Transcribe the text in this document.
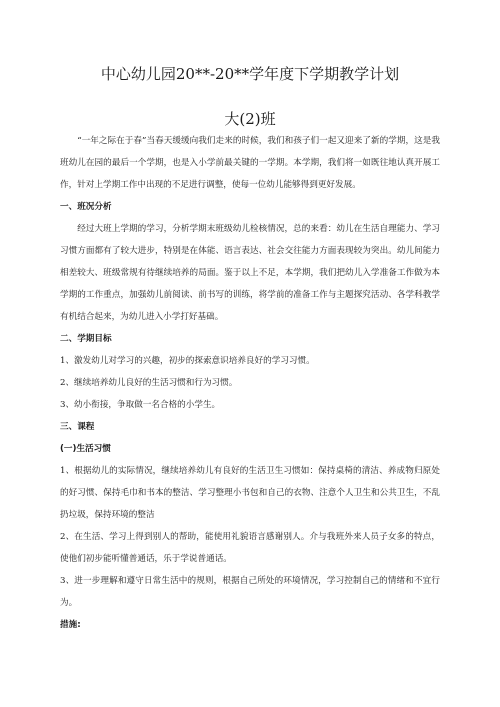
中心幼儿园20**-20**学年度下学期教学计划
大(2)班

“一年之际在于春”当春天缓缓向我们走来的时候，我们和孩子们一起又迎来了新的学期，这是我班幼儿在园的最后一个学期，也是入小学前最关键的一学期。本学期，我们将一如既往地认真开展工作，针对上学期工作中出现的不足进行调整，使每一位幼儿能够得到更好发展。

一、班况分析

经过大班上学期的学习，分析学期末班级幼儿检核情况，总的来看：幼儿在生活自理能力、学习习惯方面都有了较大进步，特别是在体能、语言表达、社会交往能力方面表现较为突出。幼儿间能力相差较大、班级常规有待继续培养的局面。鉴于以上不足，本学期，我们把幼儿入学准备工作做为本学期的工作重点，加强幼儿前阅读、前书写的训练，将学前的准备工作与主题探究活动、各学科教学有机结合起来，为幼儿进入小学打好基础。

二、学期目标

1、激发幼儿对学习的兴趣，初步的探索意识培养良好的学习习惯。

2、继续培养幼儿良好的生活习惯和行为习惯。

3、幼小衔接，争取做一名合格的小学生。

三、课程

(一)生活习惯

1、根据幼儿的实际情况，继续培养幼儿有良好的生活卫生习惯如：保持桌椅的清洁、养成物归原处的好习惯、保持毛巾和书本的整洁、学习整理小书包和自己的衣物、注意个人卫生和公共卫生，不乱扔垃圾，保持环境的整洁

2、在生活、学习上得到别人的帮助，能使用礼貌语言感谢别人。介与我班外来人员子女多的特点，使他们初步能听懂普通话，乐于学说普通话。

3、进一步理解和遵守日常生活中的规则，根据自己所处的环境情况，学习控制自己的情绪和不宜行为。

措施:
